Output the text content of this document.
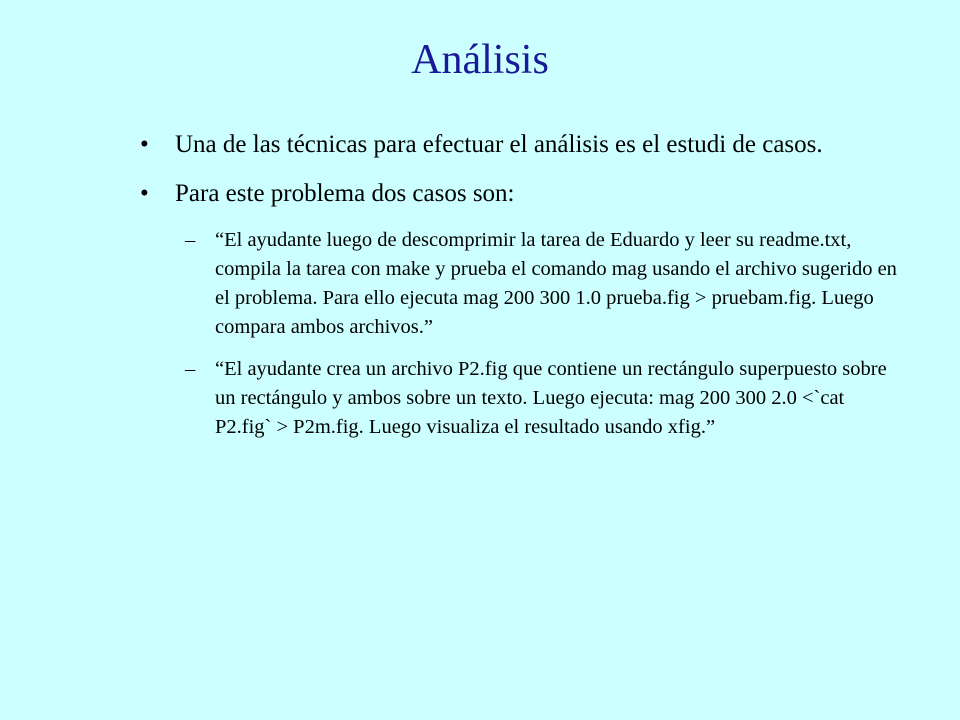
Análisis
• Una de las técnicas para efectuar el análisis es el estudi de casos.
• Para este problema dos casos son:
– “El ayudante luego de descomprimir la tarea de Eduardo y leer su readme.txt, compila la tarea con make y prueba el comando mag usando el archivo sugerido en el problema. Para ello ejecuta mag 200 300 1.0 prueba.fig > pruebam.fig. Luego compara ambos archivos.”
– “El ayudante crea un archivo P2.fig que contiene un rectángulo superpuesto sobre un rectángulo y ambos sobre un texto. Luego ejecuta: mag 200 300 2.0 <`cat P2.fig` > P2m.fig. Luego visualiza el resultado usando xfig.”
